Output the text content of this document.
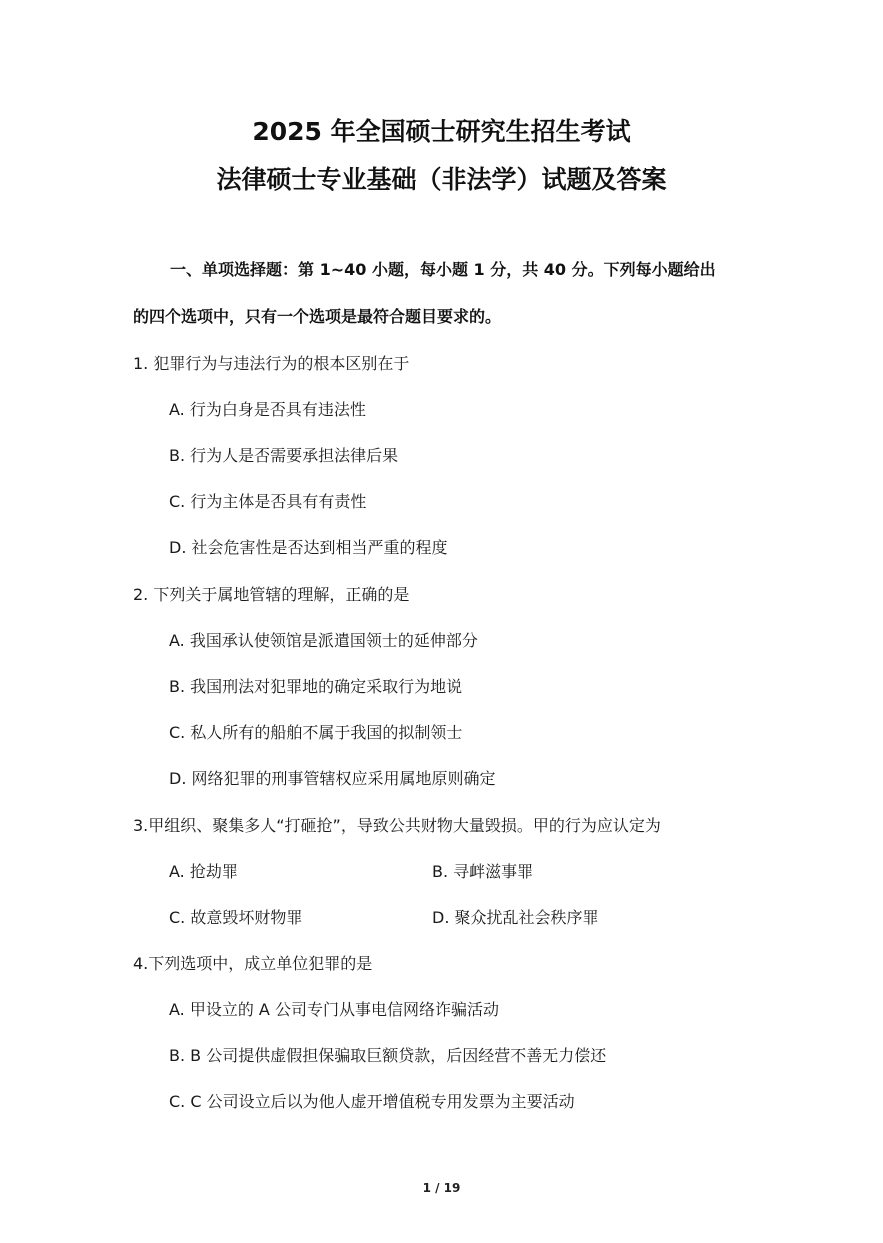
2025 年全国硕士研究生招生考试
法律硕士专业基础（非法学）试题及答案
一、单项选择题：第 1~40 小题，每小题 1 分，共 40 分。下列每小题给出
的四个选项中，只有一个选项是最符合题目要求的。
1. 犯罪行为与违法行为的根本区别在于
A. 行为白身是否具有违法性
B. 行为人是否需要承担法律后果
C. 行为主体是否具有有责性
D. 社会危害性是否达到相当严重的程度
2. 下列关于属地管辖的理解，正确的是
A. 我国承认使领馆是派遣国领士的延伸部分
B. 我国刑法对犯罪地的确定采取行为地说
C. 私人所有的船舶不属于我国的拟制领士
D. 网络犯罪的刑事管辖权应采用属地原则确定
3.甲组织、聚集多人“打砸抢”，导致公共财物大量毁损。甲的行为应认定为
A. 抢劫罪	B. 寻衅滋事罪
C. 故意毁坏财物罪	D. 聚众扰乱社会秩序罪
4.下列选项中，成立单位犯罪的是
A. 甲设立的 A 公司专门从事电信网络诈骗活动
B. B 公司提供虚假担保骗取巨额贷款，后因经营不善无力偿还
C. C 公司设立后以为他人虚开增值税专用发票为主要活动
1 / 19
